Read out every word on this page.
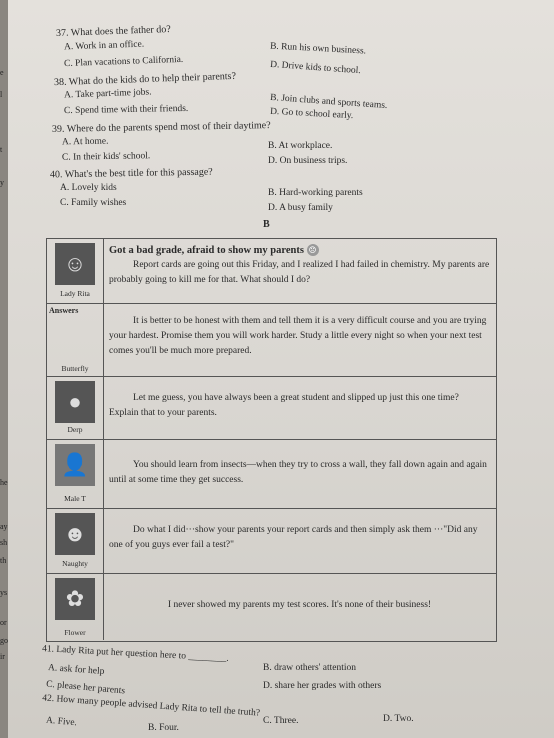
e
l
t
y
he
ay
sh
th
ys
or
go
ir
37. What does the father do?
A. Work in an office.	B. Run his own business.
C. Plan vacations to California.	D. Drive kids to school.
38. What do the kids do to help their parents?
A. Take part-time jobs.	B. Join clubs and sports teams.
C. Spend time with their friends.	D. Go to school early.
39. Where do the parents spend most of their daytime?
A. At home.	B. At workplace.
C. In their kids' school.	D. On business trips.
40. What's the best title for this passage?
A. Lovely kids	B. Hard-working parents
C. Family wishes	D. A busy family
B
☺
Lady Rita
Got a bad grade, afraid to show my parents ☹
Report cards are going out this Friday, and I realized I had failed in chemistry. My parents are probably going to kill me for that. What should I do?
Answers
Butterfly
It is better to be honest with them and tell them it is a very difficult course and you are trying your hardest. Promise them you will work harder. Study a little every night so when your next test comes you'll be much more prepared.
●
Derp
Let me guess, you have always been a great student and slipped up just this one time? Explain that to your parents.
👤
Male T
You should learn from insects—when they try to cross a wall, they fall down again and again until at some time they get success.
☻
Naughty
Do what I did···show your parents your report cards and then simply ask them ···"Did any one of you guys ever fail a test?"
✿
Flower
I never showed my parents my test scores. It's none of their business!
41. Lady Rita put her question here to ________.
A. ask for help	B. draw others' attention
C. please her parents	D. share her grades with others
42. How many people advised Lady Rita to tell the truth?
A. Five.	B. Four.
C. Three.	D. Two.
